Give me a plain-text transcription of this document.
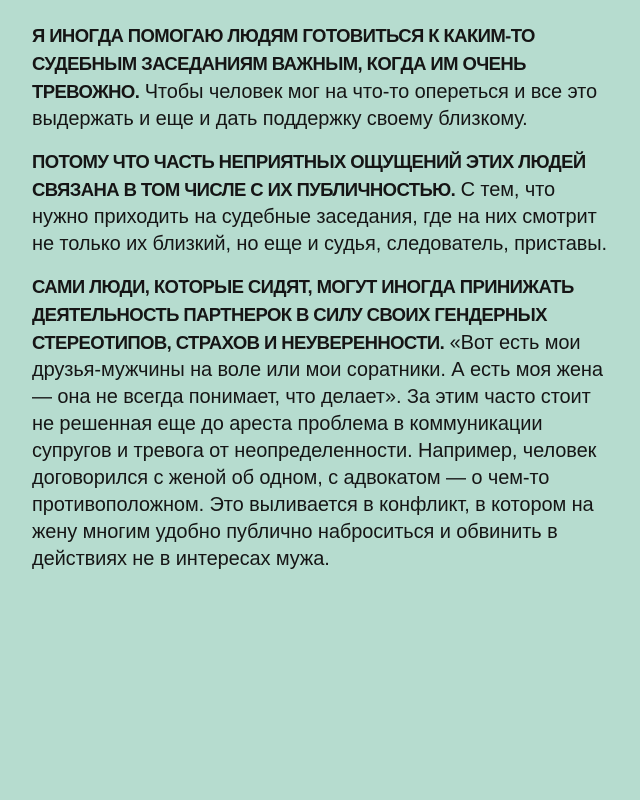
Я ИНОГДА ПОМОГАЮ ЛЮДЯМ ГОТОВИТЬСЯ К КАКИМ-ТО СУДЕБНЫМ ЗАСЕДАНИЯМ ВАЖНЫМ, КОГДА ИМ ОЧЕНЬ ТРЕВОЖНО. Чтобы человек мог на что-то опереться и все это выдержать и еще и дать поддержку своему близкому.

ПОТОМУ ЧТО ЧАСТЬ НЕПРИЯТНЫХ ОЩУЩЕНИЙ ЭТИХ ЛЮДЕЙ СВЯЗАНА В ТОМ ЧИСЛЕ С ИХ ПУБЛИЧНОСТЬЮ. С тем, что нужно приходить на судебные заседания, где на них смотрит не только их близкий, но еще и судья, следователь, приставы.

САМИ ЛЮДИ, КОТОРЫЕ СИДЯТ, МОГУТ ИНОГДА ПРИНИЖАТЬ ДЕЯТЕЛЬНОСТЬ ПАРТНЕРОК В СИЛУ СВОИХ ГЕНДЕРНЫХ СТЕРЕОТИПОВ, СТРАХОВ И НЕУВЕРЕННОСТИ. «Вот есть мои друзья-мужчины на воле или мои соратники. А есть моя жена — она не всегда понимает, что делает». За этим часто стоит не решенная еще до ареста проблема в коммуникации супругов и тревога от неопределенности. Например, человек договорился с женой об одном, с адвокатом — о чем-то противоположном. Это выливается в конфликт, в котором на жену многим удобно публично наброситься и обвинить в действиях не в интересах мужа.
